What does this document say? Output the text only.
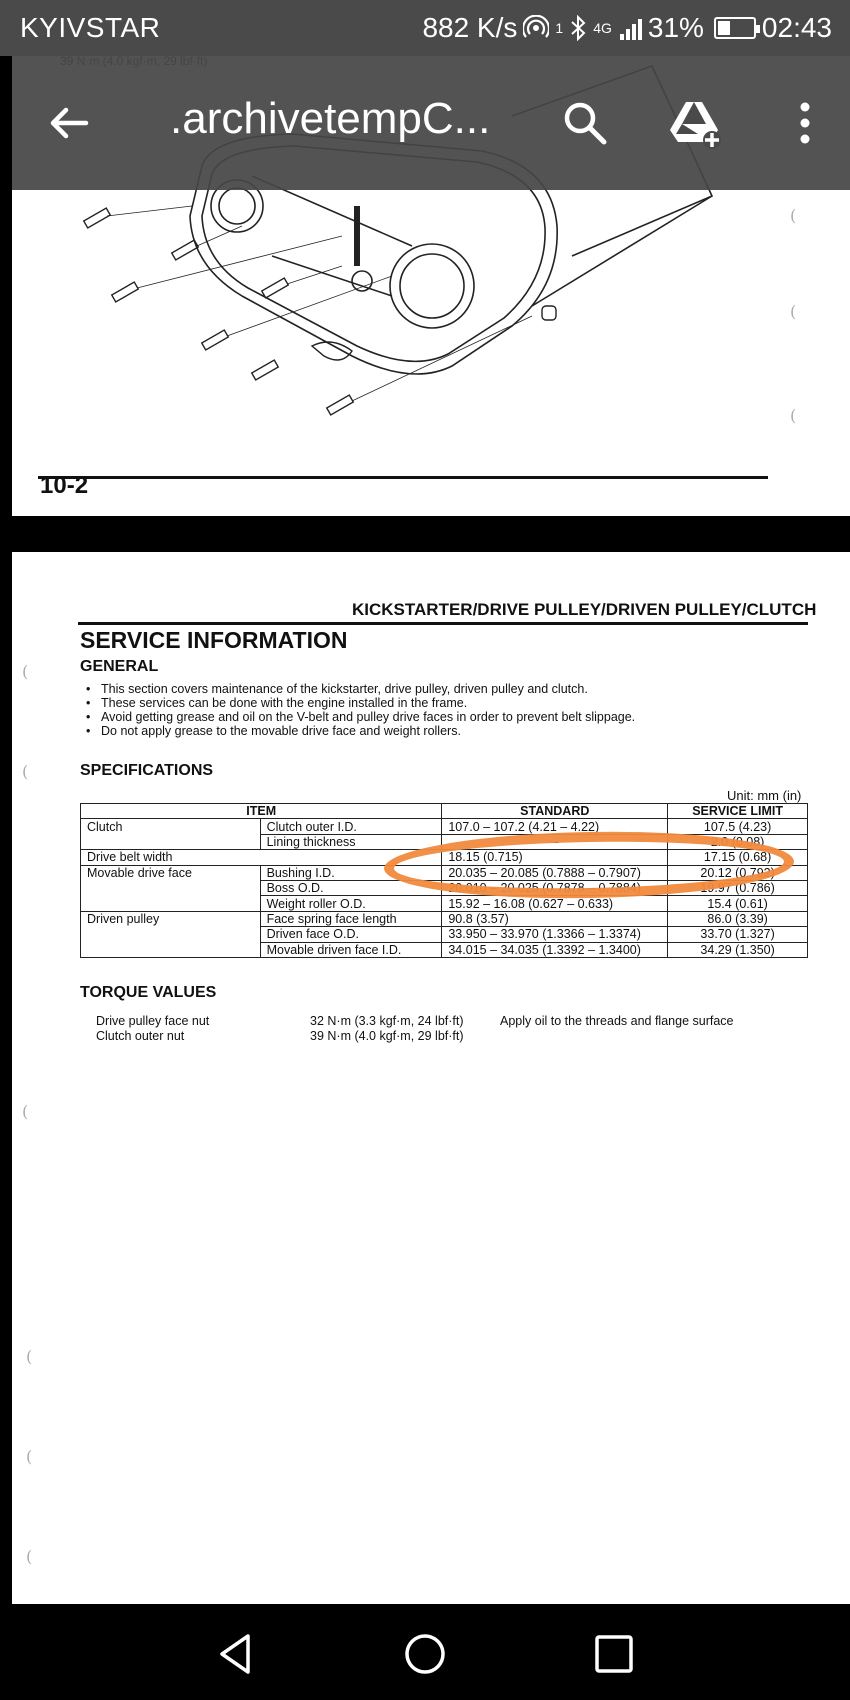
10-2
(
(
(
KICKSTARTER/DRIVE PULLEY/DRIVEN PULLEY/CLUTCH
SERVICE INFORMATION
GENERAL
• This section covers maintenance of the kickstarter, drive pulley, driven pulley and clutch.
• These services can be done with the engine installed in the frame.
• Avoid getting grease and oil on the V-belt and pulley drive faces in order to prevent belt slippage.
• Do not apply grease to the movable drive face and weight rollers.
SPECIFICATIONS
Unit: mm (in)
ITEM		STANDARD	SERVICE LIMIT
Clutch	Clutch outer I.D.	107.0 – 107.2 (4.21 – 4.22)	107.5 (4.23)
	Lining thickness	–	2.0 (0.08)
Drive belt width		18.15 (0.715)	17.15 (0.68)
Movable drive face	Bushing I.D.	20.035 – 20.085 (0.7888 – 0.7907)	20.12 (0.792)
	Boss O.D.	20.010 – 20.025 (0.7878 – 0.7884)	19.97 (0.786)
	Weight roller O.D.	15.92 – 16.08 (0.627 – 0.633)	15.4 (0.61)
Driven pulley	Face spring face length	90.8 (3.57)	86.0 (3.39)
	Driven face O.D.	33.950 – 33.970 (1.3366 – 1.3374)	33.70 (1.327)
	Movable driven face I.D.	34.015 – 34.035 (1.3392 – 1.3400)	34.29 (1.350)
TORQUE VALUES
Drive pulley face nut	32 N·m (3.3 kgf·m, 24 lbf·ft)	Apply oil to the threads and flange surface
Clutch outer nut	39 N·m (4.0 kgf·m, 29 lbf·ft)
(
(
(
(
(
(
.archivetempC...
KYIVSTAR	882 K/s	1 4G 31% 02:43
